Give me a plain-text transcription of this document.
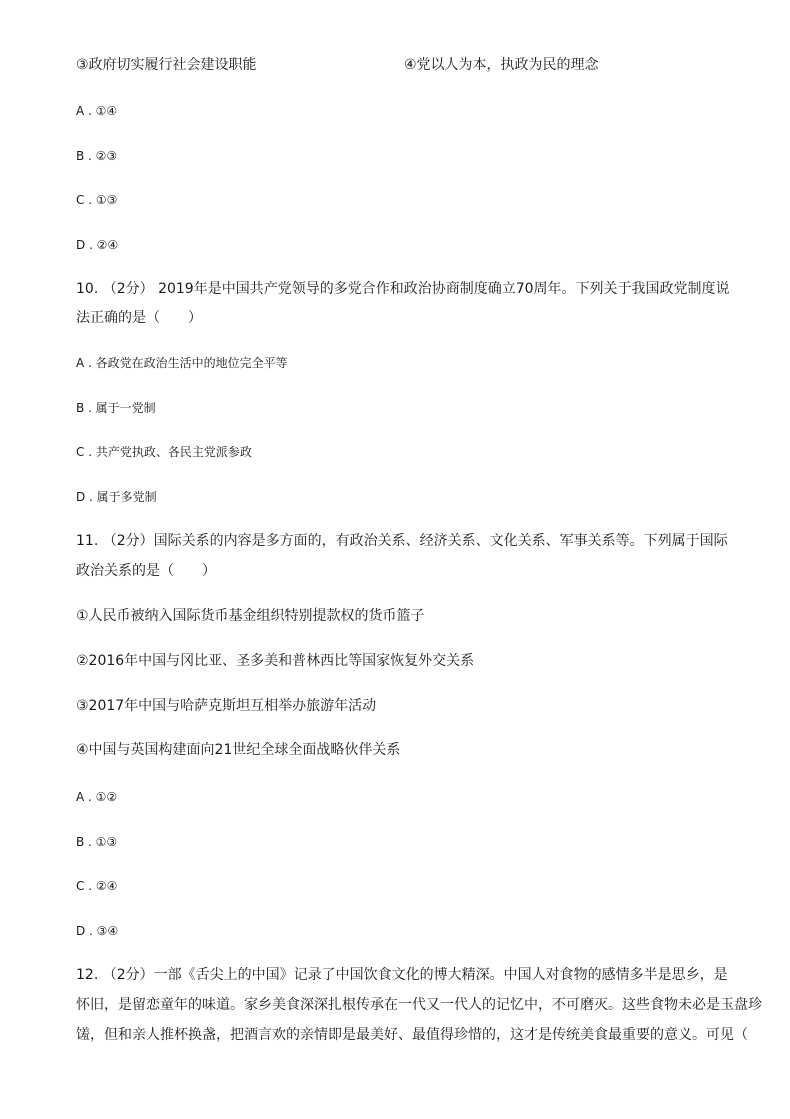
③政府切实履行社会建设职能	④党以人为本，执政为民的理念
A . ①④
B . ②③
C . ①③
D . ②④
10. （2分） 2019年是中国共产党领导的多党合作和政治协商制度确立70周年。下列关于我国政党制度说
法正确的是（　　）
A . 各政党在政治生活中的地位完全平等
B . 属于一党制
C . 共产党执政、各民主党派参政
D . 属于多党制
11. （2分）国际关系的内容是多方面的，有政治关系、经济关系、文化关系、军事关系等。下列属于国际
政治关系的是（　　）
①人民币被纳入国际货币基金组织特别提款权的货币篮子
②2016年中国与冈比亚、圣多美和普林西比等国家恢复外交关系
③2017年中国与哈萨克斯坦互相举办旅游年活动
④中国与英国构建面向21世纪全球全面战略伙伴关系
A . ①②
B . ①③
C . ②④
D . ③④
12. （2分）一部《舌尖上的中国》记录了中国饮食文化的博大精深。中国人对食物的感情多半是思乡，是
怀旧，是留恋童年的味道。家乡美食深深扎根传承在一代又一代人的记忆中，不可磨灭。这些食物未必是玉盘珍
馐，但和亲人推杯换盏，把酒言欢的亲情即是最美好、最值得珍惜的，这才是传统美食最重要的意义。可见（
